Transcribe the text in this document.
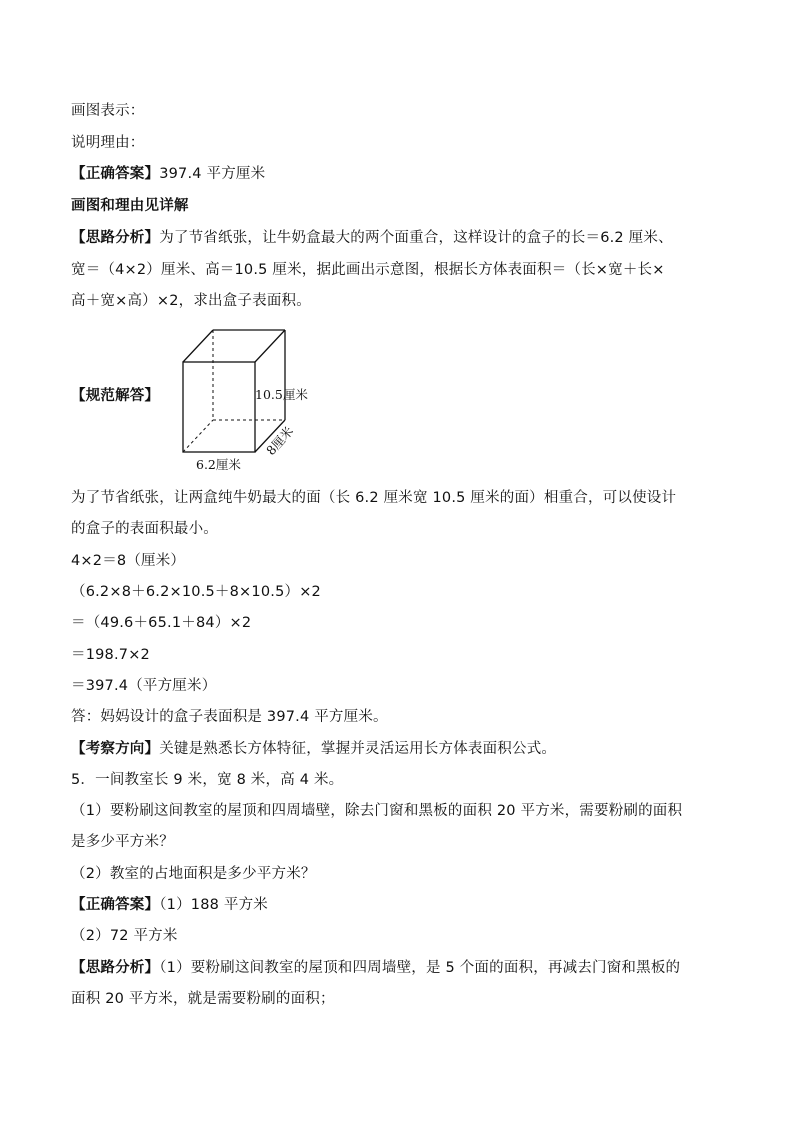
画图表示：
说明理由：
【正确答案】397.4 平方厘米
画图和理由见详解
【思路分析】为了节省纸张，让牛奶盒最大的两个面重合，这样设计的盒子的长＝6.2 厘米、
宽＝（4×2）厘米、高＝10.5 厘米，据此画出示意图，根据长方体表面积＝（长×宽＋长×
高＋宽×高）×2，求出盒子表面积。
【规范解答】	10.5厘米
8厘米
6.2厘米
为了节省纸张，让两盒纯牛奶最大的面（长 6.2 厘米宽 10.5 厘米的面）相重合，可以使设计
的盒子的表面积最小。
4×2＝8（厘米）
（6.2×8＋6.2×10.5＋8×10.5）×2
＝（49.6＋65.1＋84）×2
＝198.7×2
＝397.4（平方厘米）
答：妈妈设计的盒子表面积是 397.4 平方厘米。
【考察方向】关键是熟悉长方体特征，掌握并灵活运用长方体表面积公式。
5．一间教室长 9 米，宽 8 米，高 4 米。
（1）要粉刷这间教室的屋顶和四周墙壁，除去门窗和黑板的面积 20 平方米，需要粉刷的面积
是多少平方米？
（2）教室的占地面积是多少平方米？
【正确答案】（1）188 平方米
（2）72 平方米
【思路分析】（1）要粉刷这间教室的屋顶和四周墙壁，是 5 个面的面积，再减去门窗和黑板的
面积 20 平方米，就是需要粉刷的面积；
